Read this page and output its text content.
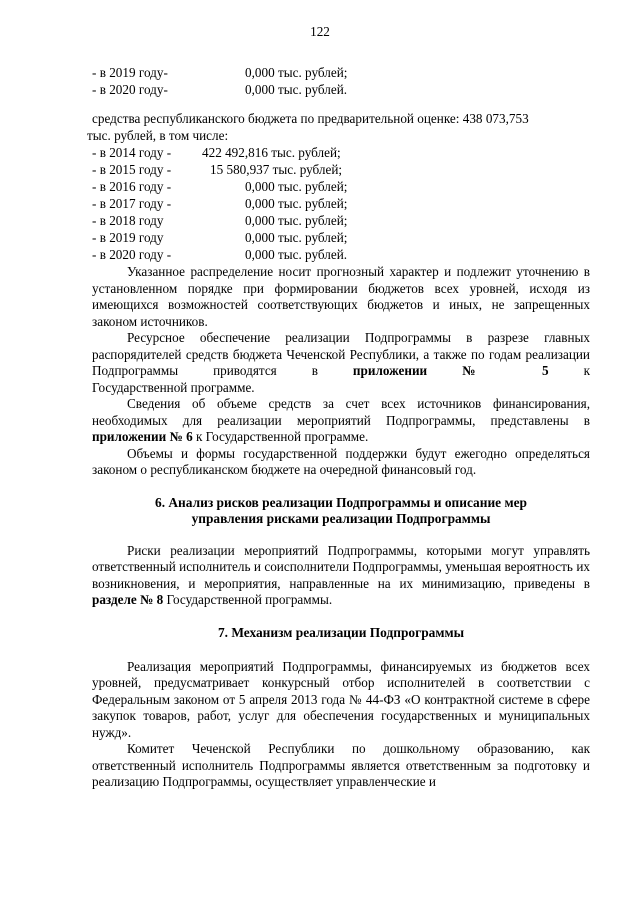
122
- в 2019 году-	0,000 тыс. рублей;
- в 2020 году-	0,000 тыс. рублей.
средства республиканского бюджета по предварительной оценке: 438 073,753
тыс. рублей, в том числе:
- в 2014 году - 422 492,816 тыс. рублей;
- в 2015 году -	15 580,937 тыс. рублей;
- в 2016 году -	0,000 тыс. рублей;
- в 2017 году -	0,000 тыс. рублей;
- в 2018 году	0,000 тыс. рублей;
- в 2019 году	0,000 тыс. рублей;
- в 2020 году -	0,000 тыс. рублей.

Указанное распределение носит прогнозный характер и подлежит уточнению в установленном порядке при формировании бюджетов всех уровней, исходя из имеющихся возможностей соответствующих бюджетов и иных, не запрещенных законом источников.

Ресурсное обеспечение реализации Подпрограммы в разрезе главных распорядителей средств бюджета Чеченской Республики, а также по годам реализации Подпрограммы приводятся в	приложении № 5	к

Государственной программе.

Сведения об объеме средств за счет всех источников финансирования, необходимых для реализации мероприятий Подпрограммы, представлены в приложении № 6 к Государственной программе.

Объемы и формы государственной поддержки будут ежегодно определяться законом о республиканском бюджете на очередной финансовый год.

6. Анализ рисков реализации Подпрограммы и описание мер
управления рисками реализации Подпрограммы

Риски реализации мероприятий Подпрограммы, которыми могут управлять ответственный исполнитель и соисполнители Подпрограммы, уменьшая вероятность их возникновения, и мероприятия, направленные на их минимизацию, приведены в разделе № 8 Государственной программы.

7. Механизм реализации Подпрограммы

Реализация мероприятий Подпрограммы, финансируемых из бюджетов всех уровней, предусматривает конкурсный отбор исполнителей в соответствии с Федеральным законом от 5 апреля 2013 года № 44-ФЗ «О контрактной системе в сфере закупок товаров, работ, услуг для обеспечения государственных и муниципальных нужд».

Комитет Чеченской Республики по дошкольному образованию, как ответственный исполнитель Подпрограммы является ответственным за подготовку и реализацию Подпрограммы, осуществляет управленческие и
